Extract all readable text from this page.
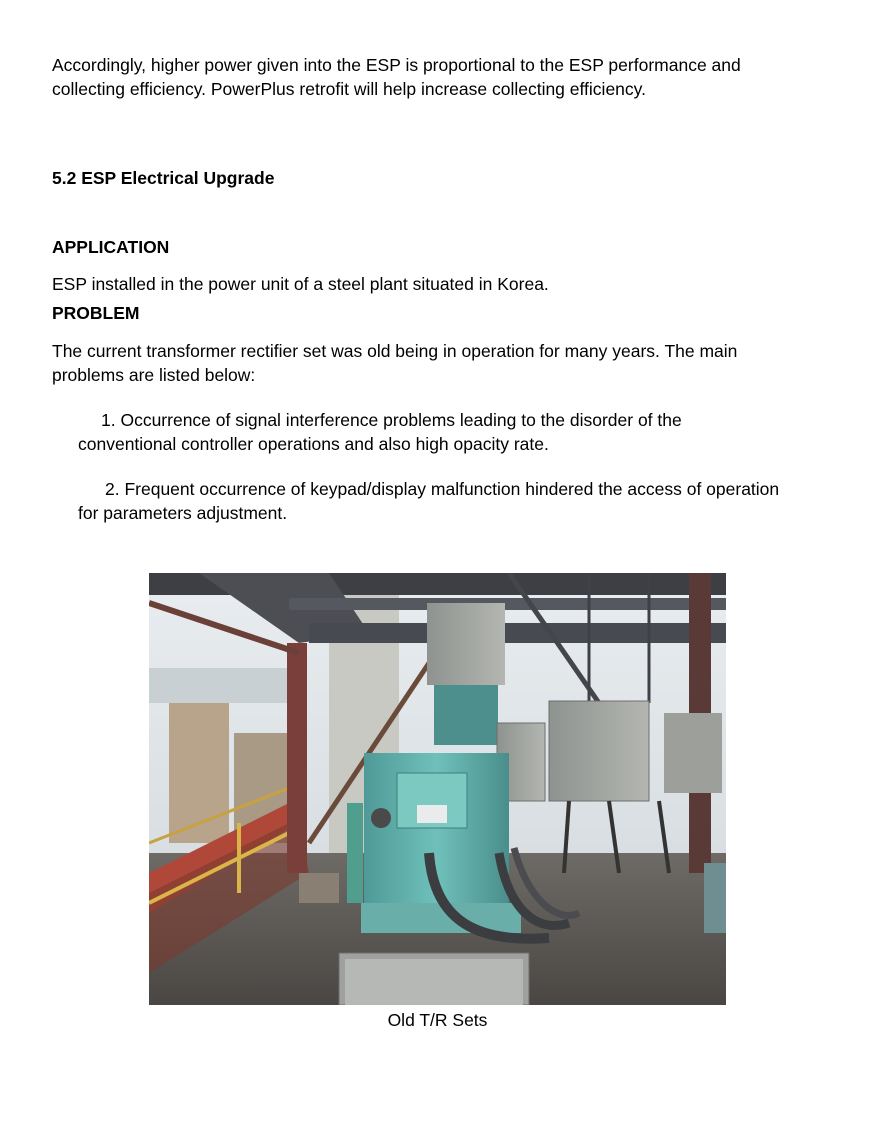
Accordingly, higher power given into the ESP is proportional to the ESP performance and
collecting efficiency. PowerPlus retrofit will help increase collecting efficiency.
5.2 ESP Electrical Upgrade
APPLICATION
ESP installed in the power unit of a steel plant situated in Korea.
PROBLEM
The current transformer rectifier set was old being in operation for many years. The main
problems are listed below:
1. Occurrence of signal interference problems leading to the disorder of the
conventional controller operations and also high opacity rate.
2. Frequent occurrence of keypad/display malfunction hindered the access of operation
for parameters adjustment.
Old T/R Sets
